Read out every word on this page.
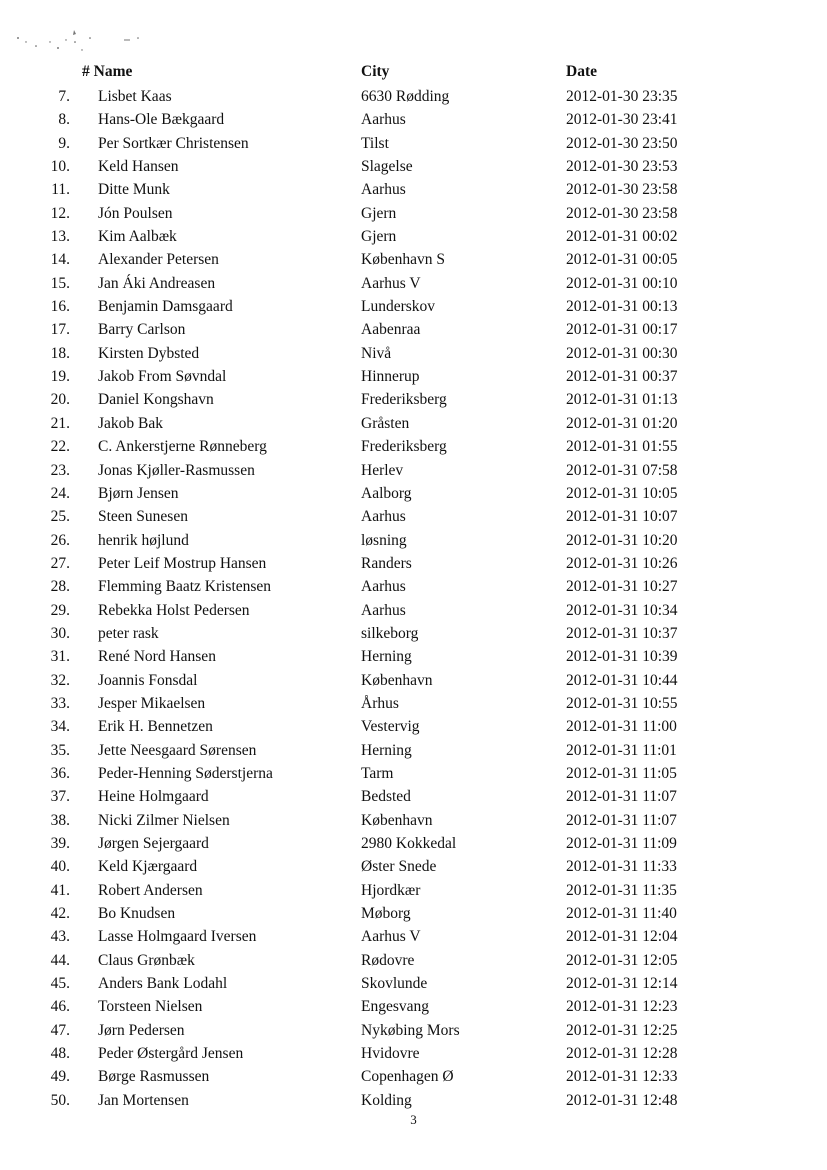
# Name	City	Date
7. Lisbet Kaas	6630 Rødding	2012-01-30 23:35
8. Hans-Ole Bækgaard	Aarhus	2012-01-30 23:41
9. Per Sortkær Christensen	Tilst	2012-01-30 23:50
10. Keld Hansen	Slagelse	2012-01-30 23:53
11. Ditte Munk	Aarhus	2012-01-30 23:58
12. Jón Poulsen	Gjern	2012-01-30 23:58
13. Kim Aalbæk	Gjern	2012-01-31 00:02
14. Alexander Petersen	København S	2012-01-31 00:05
15. Jan Áki Andreasen	Aarhus V	2012-01-31 00:10
16. Benjamin Damsgaard	Lunderskov	2012-01-31 00:13
17. Barry Carlson	Aabenraa	2012-01-31 00:17
18. Kirsten Dybsted	Nivå	2012-01-31 00:30
19. Jakob From Søvndal	Hinnerup	2012-01-31 00:37
20. Daniel Kongshavn	Frederiksberg	2012-01-31 01:13
21. Jakob Bak	Gråsten	2012-01-31 01:20
22. C. Ankerstjerne Rønneberg	Frederiksberg	2012-01-31 01:55
23. Jonas Kjøller-Rasmussen	Herlev	2012-01-31 07:58
24. Bjørn Jensen	Aalborg	2012-01-31 10:05
25. Steen Sunesen	Aarhus	2012-01-31 10:07
26. henrik højlund	løsning	2012-01-31 10:20
27. Peter Leif Mostrup Hansen	Randers	2012-01-31 10:26
28. Flemming Baatz Kristensen	Aarhus	2012-01-31 10:27
29. Rebekka Holst Pedersen	Aarhus	2012-01-31 10:34
30. peter rask	silkeborg	2012-01-31 10:37
31. René Nord Hansen	Herning	2012-01-31 10:39
32. Joannis Fonsdal	København	2012-01-31 10:44
33. Jesper Mikaelsen	Århus	2012-01-31 10:55
34. Erik H. Bennetzen	Vestervig	2012-01-31 11:00
35. Jette Neesgaard Sørensen	Herning	2012-01-31 11:01
36. Peder-Henning Søderstjerna	Tarm	2012-01-31 11:05
37. Heine Holmgaard	Bedsted	2012-01-31 11:07
38. Nicki Zilmer Nielsen	København	2012-01-31 11:07
39. Jørgen Sejergaard	2980 Kokkedal	2012-01-31 11:09
40. Keld Kjærgaard	Øster Snede	2012-01-31 11:33
41. Robert Andersen	Hjordkær	2012-01-31 11:35
42. Bo Knudsen	Møborg	2012-01-31 11:40
43. Lasse Holmgaard Iversen	Aarhus V	2012-01-31 12:04
44. Claus Grønbæk	Rødovre	2012-01-31 12:05
45. Anders Bank Lodahl	Skovlunde	2012-01-31 12:14
46. Torsteen Nielsen	Engesvang	2012-01-31 12:23
47. Jørn Pedersen	Nykøbing Mors	2012-01-31 12:25
48. Peder Østergård Jensen	Hvidovre	2012-01-31 12:28
49. Børge Rasmussen	Copenhagen Ø	2012-01-31 12:33
50. Jan Mortensen	Kolding	2012-01-31 12:48
3
